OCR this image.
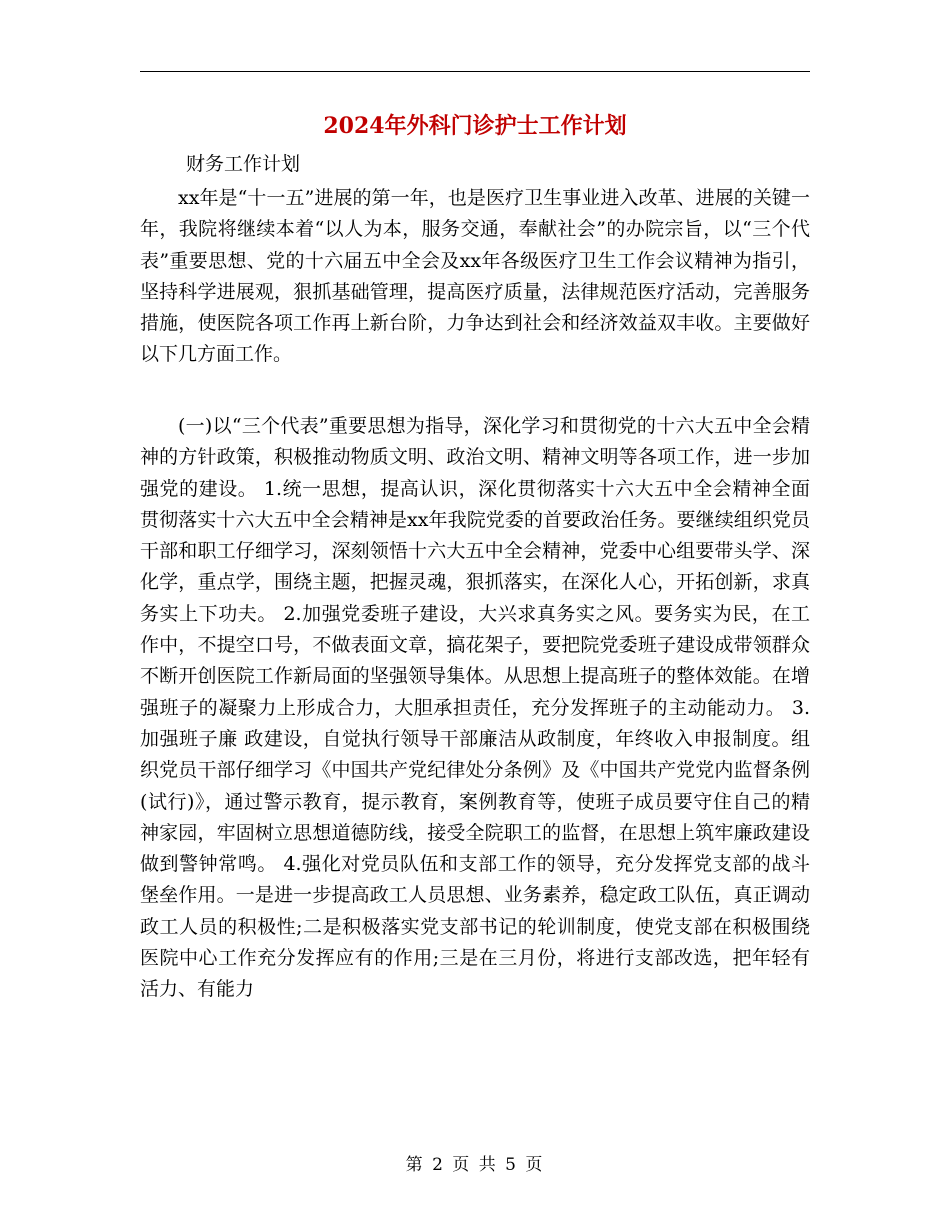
2024年外科门诊护士工作计划

财务工作计划

xx年是“十一五”进展的第一年，也是医疗卫生事业进入改革、进展的关键一年，我院将继续本着“以人为本，服务交通，奉献社会”的办院宗旨，以“三个代表”重要思想、党的十六届五中全会及xx年各级医疗卫生工作会议精神为指引，坚持科学进展观，狠抓基础管理，提高医疗质量，法律规范医疗活动，完善服务措施，使医院各项工作再上新台阶，力争达到社会和经济效益双丰收。主要做好以下几方面工作。

(一)以“三个代表”重要思想为指导，深化学习和贯彻党的十六大五中全会精神的方针政策，积极推动物质文明、政治文明、精神文明等各项工作，进一步加强党的建设。 1.统一思想，提高认识，深化贯彻落实十六大五中全会精神全面贯彻落实十六大五中全会精神是xx年我院党委的首要政治任务。要继续组织党员干部和职工仔细学习，深刻领悟十六大五中全会精神，党委中心组要带头学、深化学，重点学，围绕主题，把握灵魂，狠抓落实，在深化人心，开拓创新，求真务实上下功夫。 2.加强党委班子建设，大兴求真务实之风。要务实为民，在工作中，不提空口号，不做表面文章，搞花架子，要把院党委班子建设成带领群众不断开创医院工作新局面的坚强领导集体。从思想上提高班子的整体效能。在增强班子的凝聚力上形成合力，大胆承担责任，充分发挥班子的主动能动力。 3.加强班子廉 政建设，自觉执行领导干部廉洁从政制度，年终收入申报制度。组织党员干部仔细学习《中国共产党纪律处分条例》及《中国共产党党内监督条例(试行)》，通过警示教育，提示教育，案例教育等，使班子成员要守住自己的精神家园，牢固树立思想道德防线，接受全院职工的监督，在思想上筑牢廉政建设做到警钟常鸣。 4.强化对党员队伍和支部工作的领导，充分发挥党支部的战斗堡垒作用。一是进一步提高政工人员思想、业务素养，稳定政工队伍，真正调动政工人员的积极性;二是积极落实党支部书记的轮训制度，使党支部在积极围绕医院中心工作充分发挥应有的作用;三是在三月份，将进行支部改选，把年轻有活力、有能力

第 2 页 共 5 页
